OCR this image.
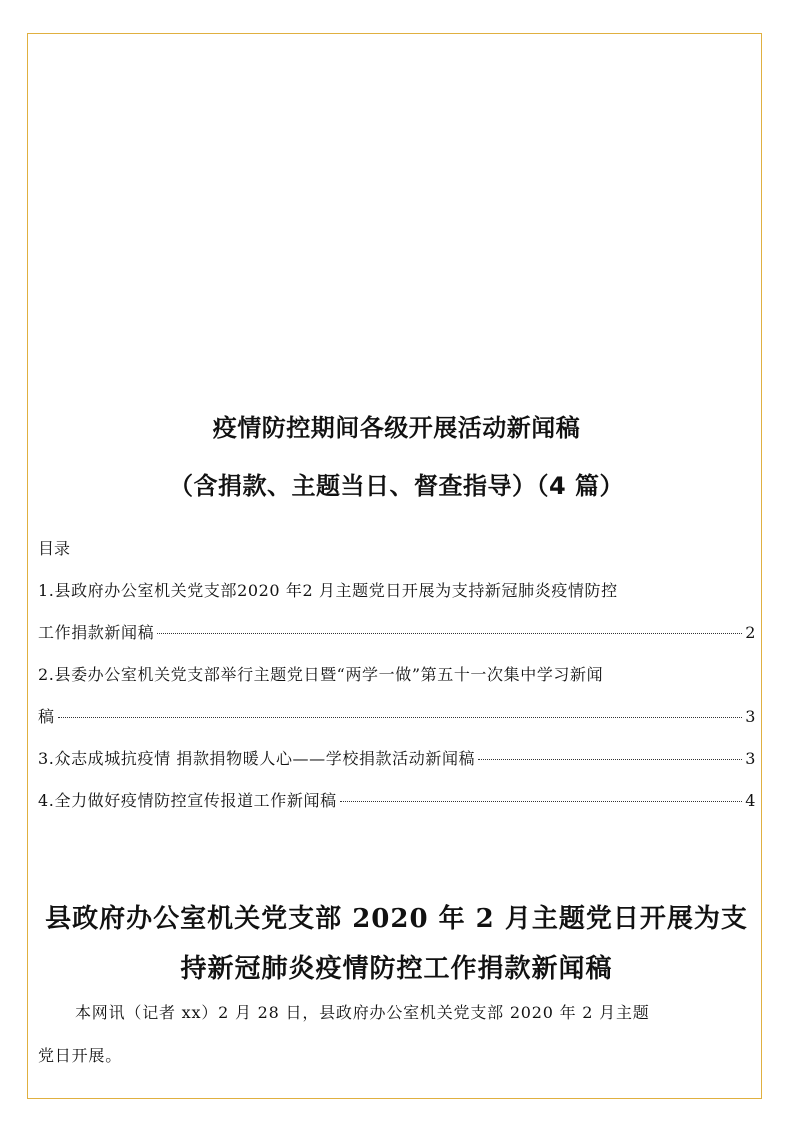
疫情防控期间各级开展活动新闻稿
（含捐款、主题当日、督查指导）（4 篇）
目录
1.县政府办公室机关党支部2020 年2 月主题党日开展为支持新冠肺炎疫情防控
工作捐款新闻稿	2
2.县委办公室机关党支部举行主题党日暨“两学一做”第五十一次集中学习新闻
稿	3
3.众志成城抗疫情 捐款捐物暖人心——学校捐款活动新闻稿	3
4.全力做好疫情防控宣传报道工作新闻稿	4
县政府办公室机关党支部 2020 年 2 月主题党日开展为支
持新冠肺炎疫情防控工作捐款新闻稿
本网讯（记者 xx）2 月 28 日，县政府办公室机关党支部 2020 年 2 月主题
党日开展。
